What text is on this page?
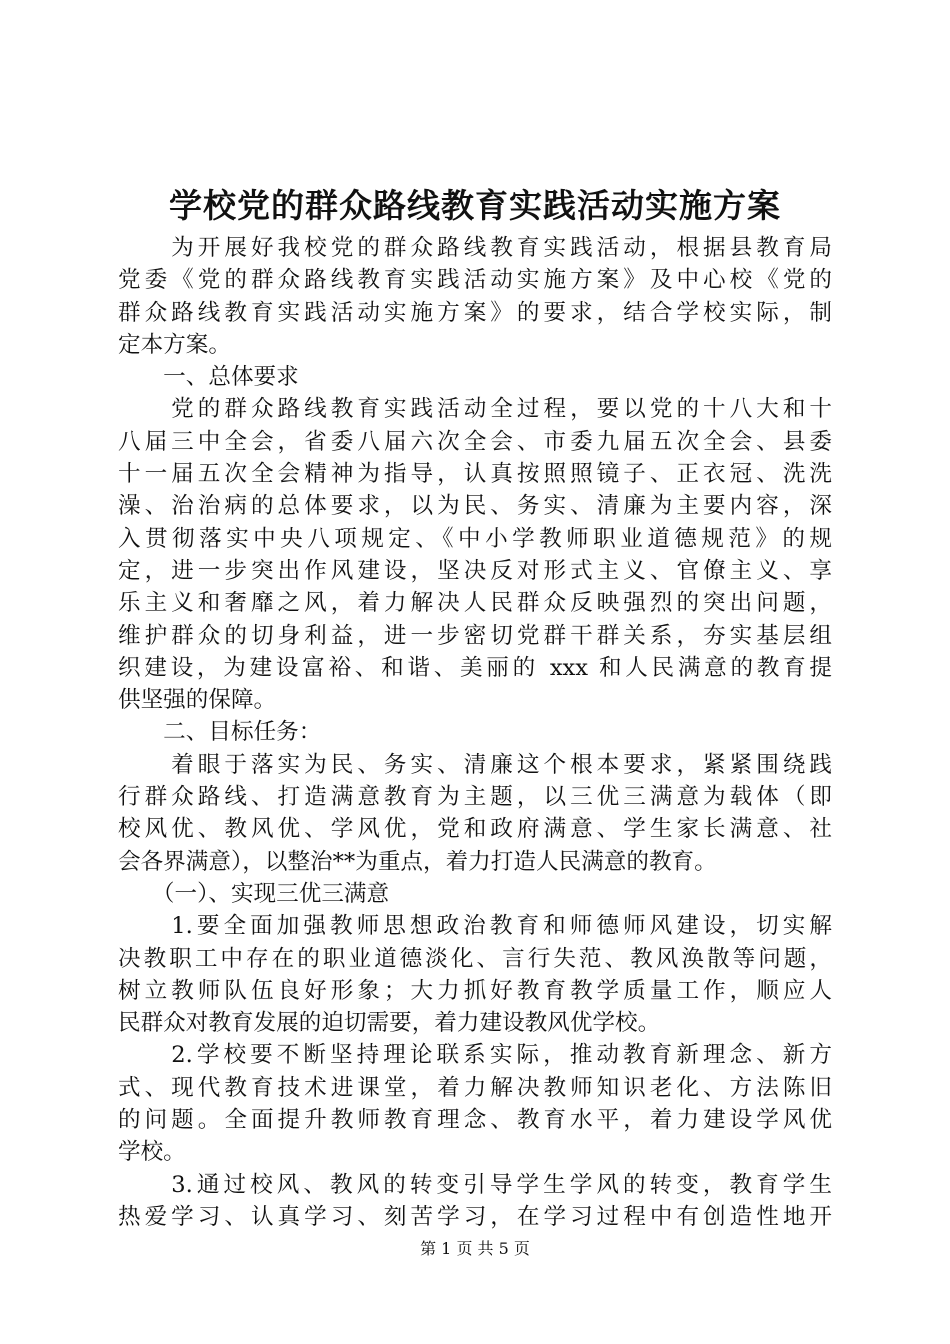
学校党的群众路线教育实践活动实施方案
　　为开展好我校党的群众路线教育实践活动，根据县教育局
党委《党的群众路线教育实践活动实施方案》及中心校《党的
群众路线教育实践活动实施方案》的要求，结合学校实际，制
定本方案。
　　一、总体要求
　　党的群众路线教育实践活动全过程，要以党的十八大和十
八届三中全会，省委八届六次全会、市委九届五次全会、县委
十一届五次全会精神为指导，认真按照照镜子、正衣冠、洗洗
澡、治治病的总体要求，以为民、务实、清廉为主要内容，深
入贯彻落实中央八项规定、《中小学教师职业道德规范》的规
定，进一步突出作风建设，坚决反对形式主义、官僚主义、享
乐主义和奢靡之风，着力解决人民群众反映强烈的突出问题，
维护群众的切身利益，进一步密切党群干群关系，夯实基层组
织建设，为建设富裕、和谐、美丽的 xxx 和人民满意的教育提
供坚强的保障。
　　二、目标任务：
　　着眼于落实为民、务实、清廉这个根本要求，紧紧围绕践
行群众路线、打造满意教育为主题，以三优三满意为载体（即
校风优、教风优、学风优，党和政府满意、学生家长满意、社
会各界满意），以整治**为重点，着力打造人民满意的教育。
　　（一）、实现三优三满意
　　1.要全面加强教师思想政治教育和师德师风建设，切实解
决教职工中存在的职业道德淡化、言行失范、教风涣散等问题，
树立教师队伍良好形象；大力抓好教育教学质量工作，顺应人
民群众对教育发展的迫切需要，着力建设教风优学校。
　　2.学校要不断坚持理论联系实际，推动教育新理念、新方
式、现代教育技术进课堂，着力解决教师知识老化、方法陈旧
的问题。全面提升教师教育理念、教育水平，着力建设学风优
学校。
　　3.通过校风、教风的转变引导学生学风的转变，教育学生
热爱学习、认真学习、刻苦学习，在学习过程中有创造性地开
第 1 页 共 5 页
